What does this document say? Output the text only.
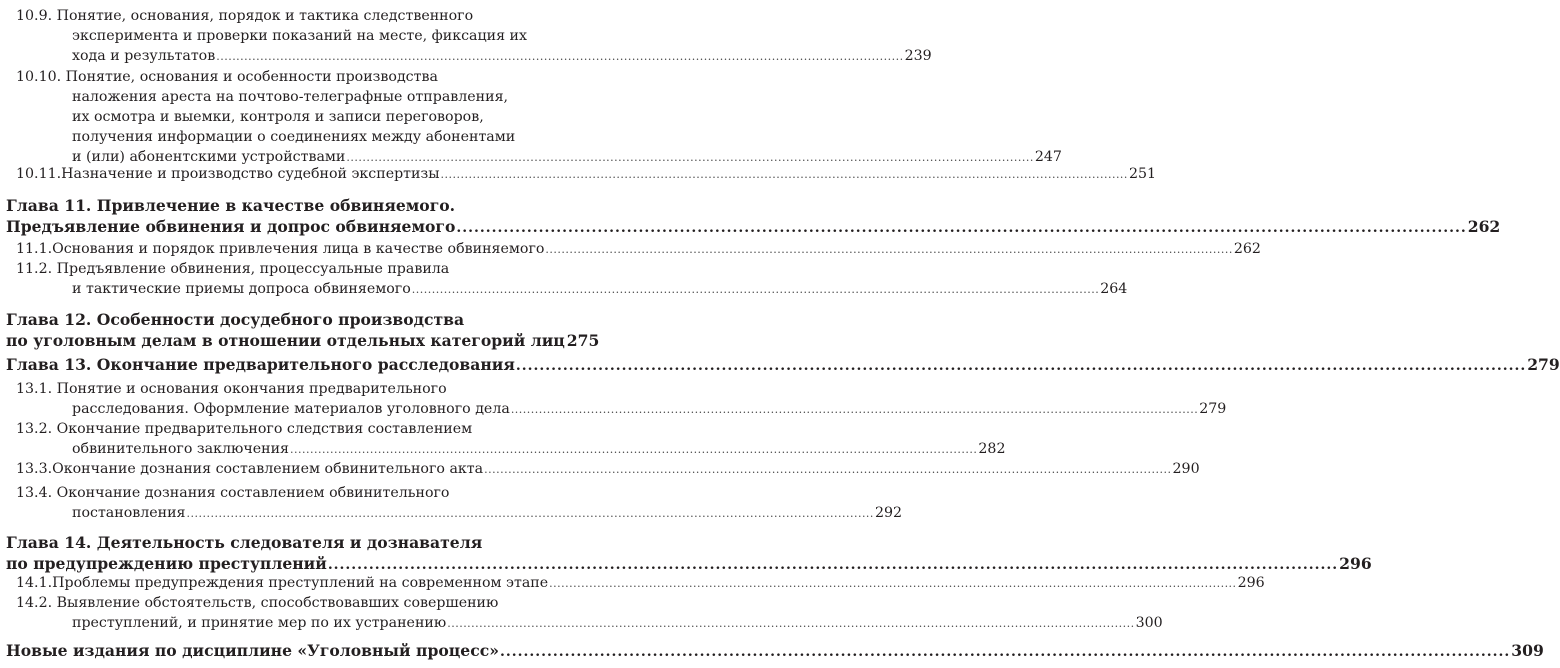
10.9. Понятие, основания, порядок и тактика следственного
эксперимента и проверки показаний на месте, фиксация их
хода и результатов .....	239
10.10. Понятие, основания и особенности производства
наложения ареста на почтово-телеграфные отправления,
их осмотра и выемки, контроля и записи переговоров,
получения информации о соединениях между абонентами
и (или) абонентскими устройствами .....	247
10.11. Назначение и производство судебной экспертизы .....	251
Глава 11. Привлечение в качестве обвиняемого.
Предъявление обвинения и допрос обвиняемого .....	262
11.1. Основания и порядок привлечения лица в качестве обвиняемого .....	262
11.2. Предъявление обвинения, процессуальные правила
и тактические приемы допроса обвиняемого .....	264
Глава 12. Особенности досудебного производства
по уголовным делам в отношении отдельных категорий лиц 275
Глава 13. Окончание предварительного расследования .....	279
13.1. Понятие и основания окончания предварительного
расследования. Оформление материалов уголовного дела .....	279
13.2. Окончание предварительного следствия составлением
обвинительного заключения .....	282
13.3. Окончание дознания составлением обвинительного акта .....	290
13.4. Окончание дознания составлением обвинительного
постановления .....	292
Глава 14. Деятельность следователя и дознавателя
по предупреждению преступлений .....	296
14.1. Проблемы предупреждения преступлений на современном этапе .....	296
14.2. Выявление обстоятельств, способствовавших совершению
преступлений, и принятие мер по их устранению .....	300
Новые издания по дисциплине «Уголовный процесс» .....	309
